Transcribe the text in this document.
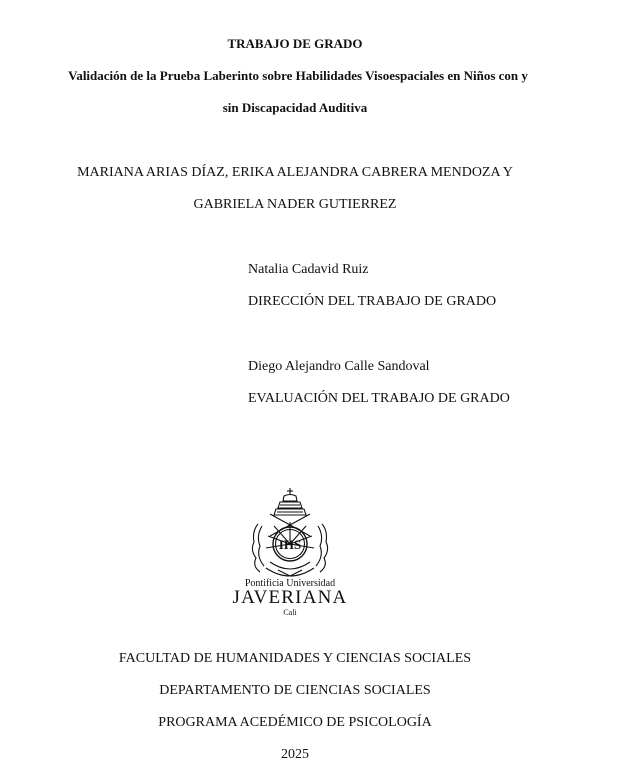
TRABAJO DE GRADO
Validación de la Prueba Laberinto sobre Habilidades Visoespaciales en Niños con y
sin Discapacidad Auditiva
MARIANA ARIAS DÍAZ, ERIKA ALEJANDRA CABRERA MENDOZA Y
GABRIELA NADER GUTIERREZ
Natalia Cadavid Ruiz
DIRECCIÓN DEL TRABAJO DE GRADO
Diego Alejandro Calle Sandoval
EVALUACIÓN DEL TRABAJO DE GRADO
IHS
Pontificia Universidad
JAVERIANA
Cali
FACULTAD DE HUMANIDADES Y CIENCIAS SOCIALES
DEPARTAMENTO DE CIENCIAS SOCIALES
PROGRAMA ACEDÉMICO DE PSICOLOGÍA
2025
